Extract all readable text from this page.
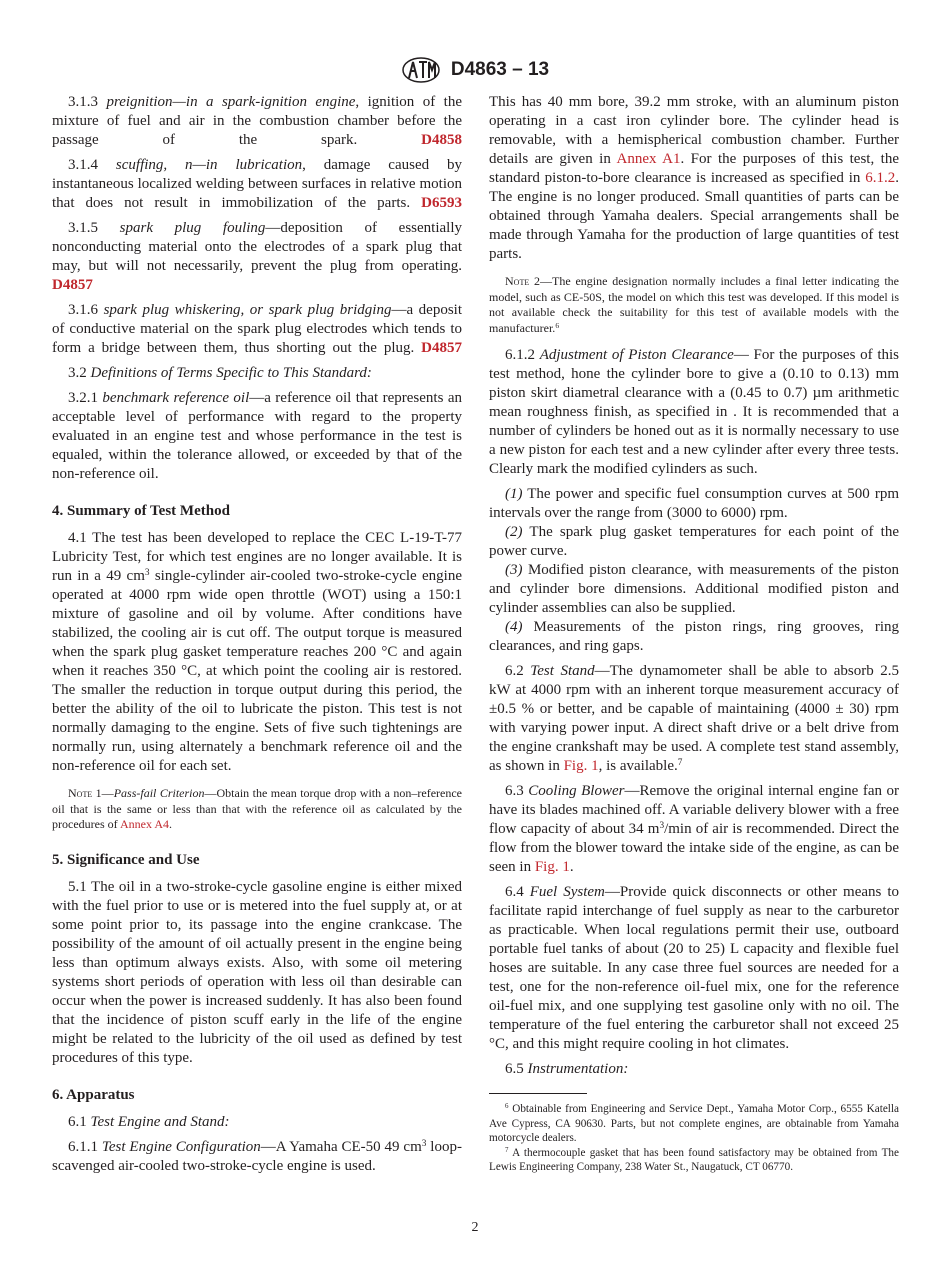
D4863 – 13

3.1.3 preignition—in a spark-ignition engine, ignition of the mixture of fuel and air in the combustion chamber before the passage of the spark. D4858

3.1.4 scuffing, n—in lubrication, damage caused by instantaneous localized welding between surfaces in relative motion that does not result in immobilization of the parts. D6593

3.1.5 spark plug fouling—deposition of essentially nonconducting material onto the electrodes of a spark plug that may, but will not necessarily, prevent the plug from operating. D4857

3.1.6 spark plug whiskering, or spark plug bridging—a deposit of conductive material on the spark plug electrodes which tends to form a bridge between them, thus shorting out the plug. D4857

3.2 Definitions of Terms Specific to This Standard:

3.2.1 benchmark reference oil—a reference oil that represents an acceptable level of performance with regard to the property evaluated in an engine test and whose performance in the test is equaled, within the tolerance allowed, or exceeded by that of the non-reference oil.

4. Summary of Test Method

4.1 The test has been developed to replace the CEC L-19-T-77 Lubricity Test, for which test engines are no longer available. It is run in a 49 $cm^3$ single-cylinder air-cooled two-stroke-cycle engine operated at 4000 rpm wide open throttle (WOT) using a 150:1 mixture of gasoline and oil by volume. After conditions have stabilized, the cooling air is cut off. The output torque is measured when the spark plug gasket temperature reaches 200 °C and again when it reaches 350 °C, at which point the cooling air is restored. The smaller the reduction in torque output during this period, the better the ability of the oil to lubricate the piston. This test is not normally damaging to the engine. Sets of five such tightenings are normally run, using alternately a benchmark reference oil and the non-reference oil for each set.

Note 1—Pass-fail Criterion—Obtain the mean torque drop with a non–reference oil that is the same or less than that with the reference oil as calculated by the procedures of Annex A4.

5. Significance and Use

5.1 The oil in a two-stroke-cycle gasoline engine is either mixed with the fuel prior to use or is metered into the fuel supply at, or at some point prior to, its passage into the engine crankcase. The possibility of the amount of oil actually present in the engine being less than optimum always exists. Also, with some oil metering systems short periods of operation with less oil than desirable can occur when the power is increased suddenly. It has also been found that the incidence of piston scuff early in the life of the engine might be related to the lubricity of the oil used as defined by test procedures of this type.

6. Apparatus

6.1 Test Engine and Stand:

6.1.1 Test Engine Configuration—A Yamaha CE-50 49 $cm^3$ loop-scavenged air-cooled two-stroke-cycle engine is used.

This has 40 mm bore, 39.2 mm stroke, with an aluminum piston operating in a cast iron cylinder bore. The cylinder head is removable, with a hemispherical combustion chamber. Further details are given in Annex A1. For the purposes of this test, the standard piston-to-bore clearance is increased as specified in 6.1.2. The engine is no longer produced. Small quantities of parts can be obtained through Yamaha dealers. Special arrangements shall be made through Yamaha for the production of large quantities of test parts.

Note 2—The engine designation normally includes a final letter indicating the model, such as CE-50S, the model on which this test was developed. If this model is not available check the suitability for this test of available models with the manufacturer.$^6$

6.1.2 Adjustment of Piston Clearance— For the purposes of this test method, hone the cylinder bore to give a (0.10 to 0.13) mm piston skirt diametral clearance with a (0.45 to 0.7) µm arithmetic mean roughness finish, as specified in . It is recommended that a number of cylinders be honed out as it is normally necessary to use a new piston for each test and a new cylinder after every three tests. Clearly mark the modified cylinders as such.

(1) The power and specific fuel consumption curves at 500 rpm intervals over the range from (3000 to 6000) rpm.

(2) The spark plug gasket temperatures for each point of the power curve.

(3) Modified piston clearance, with measurements of the piston and cylinder bore dimensions. Additional modified piston and cylinder assemblies can also be supplied.

(4) Measurements of the piston rings, ring grooves, ring clearances, and ring gaps.

6.2 Test Stand—The dynamometer shall be able to absorb 2.5 kW at 4000 rpm with an inherent torque measurement accuracy of ±0.5 % or better, and be capable of maintaining (4000 ± 30) rpm with varying power input. A direct shaft drive or a belt drive from the engine crankshaft may be used. A complete test stand assembly, as shown in Fig. 1, is available.$^7$

6.3 Cooling Blower—Remove the original internal engine fan or have its blades machined off. A variable delivery blower with a free flow capacity of about 34 $m^3/\min$ of air is recommended. Direct the flow from the blower toward the intake side of the engine, as can be seen in Fig. 1.

6.4 Fuel System—Provide quick disconnects or other means to facilitate rapid interchange of fuel supply as near to the carburetor as practicable. When local regulations permit their use, outboard portable fuel tanks of about (20 to 25) L capacity and flexible fuel hoses are suitable. In any case three fuel sources are needed for a test, one for the non-reference oil-fuel mix, one for the reference oil-fuel mix, and one supplying test gasoline only with no oil. The temperature of the fuel entering the carburetor shall not exceed 25 °C, and this might require cooling in hot climates.

6.5 Instrumentation:

$^6$ Obtainable from Engineering and Service Dept., Yamaha Motor Corp., 6555 Katella Ave Cypress, CA 90630. Parts, but not complete engines, are obtainable from Yamaha motorcycle dealers.

$^7$ A thermocouple gasket that has been found satisfactory may be obtained from The Lewis Engineering Company, 238 Water St., Naugatuck, CT 06770.

2
